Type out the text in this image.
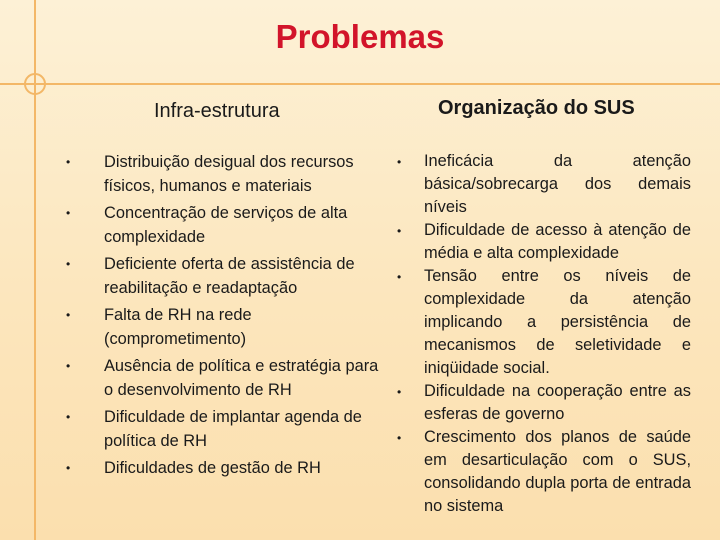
Problemas
Infra-estrutura	Organização do SUS
• Distribuição desigual dos recursos físicos, humanos e materiais
• Concentração de serviços de alta complexidade
• Deficiente oferta de assistência de reabilitação e readaptação
• Falta de RH na rede (comprometimento)
• Ausência de política e estratégia para o desenvolvimento de RH
• Dificuldade de implantar agenda de política de RH
• Dificuldades de gestão de RH
• Ineficácia da atenção básica/sobrecarga dos demais níveis
• Dificuldade de acesso à atenção de média e alta complexidade
• Tensão entre os níveis de complexidade da atenção implicando a persistência de mecanismos de seletividade e iniqüidade social.
• Dificuldade na cooperação entre as esferas de governo
• Crescimento dos planos de saúde em desarticulação com o SUS, consolidando dupla porta de entrada no sistema
